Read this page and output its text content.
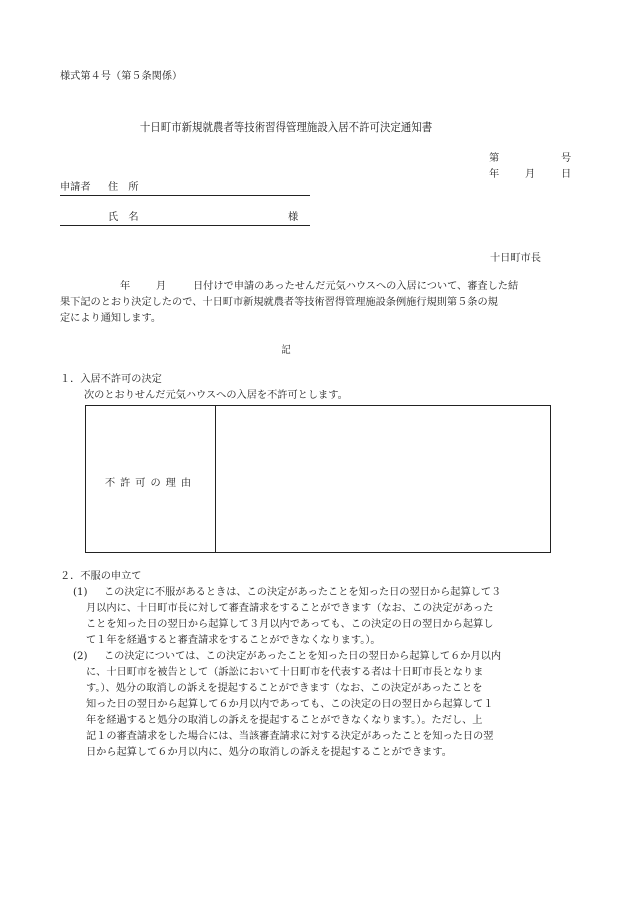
様式第４号（第５条関係）
十日町市新規就農者等技術習得管理施設入居不許可決定通知書
第	号
年	月	日
申請者 住　所
氏　名	様
十日町市長
年	月	日付けで申請のあったせんだ元気ハウスへの入居について、審査した結
果下記のとおり決定したので、十日町市新規就農者等技術習得管理施設条例施行規則第５条の規
定により通知します。
記
１．入居不許可の決定
次のとおりせんだ元気ハウスへの入居を不許可とします。
不許可の理由
２．不服の申立て
(1) この決定に不服があるときは、この決定があったことを知った日の翌日から起算して３
月以内に、十日町市長に対して審査請求をすることができます（なお、この決定があった
ことを知った日の翌日から起算して３月以内であっても、この決定の日の翌日から起算し
て１年を経過すると審査請求をすることができなくなります。）。
(2) この決定については、この決定があったことを知った日の翌日から起算して６か月以内
に、十日町市を被告として（訴訟において十日町市を代表する者は十日町市長となりま
す。）、処分の取消しの訴えを提起することができます（なお、この決定があったことを
知った日の翌日から起算して６か月以内であっても、この決定の日の翌日から起算して１
年を経過すると処分の取消しの訴えを提起することができなくなります。）。ただし、上
記１の審査請求をした場合には、当該審査請求に対する決定があったことを知った日の翌
日から起算して６か月以内に、処分の取消しの訴えを提起することができます。
